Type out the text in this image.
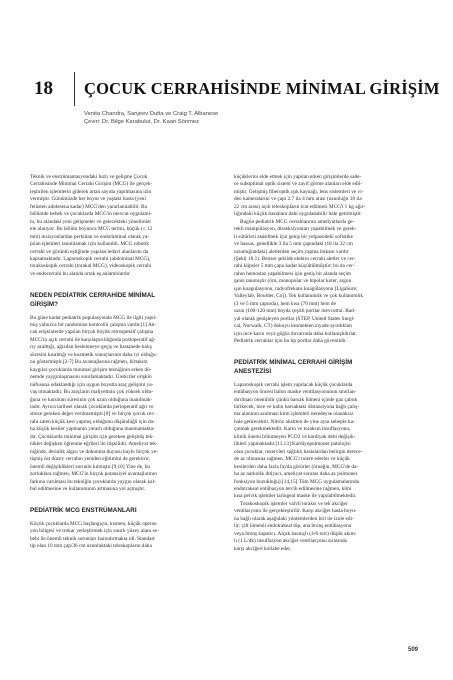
18 ÇOCUK CERRAHİSİNDE MİNİMAL GİRİŞİM
Venita Chandra, Sanjeev Dutta ve Craig T. Albanese
Çeviri: Dr. Bilge Karabulut, Dr. Kaan Sönmez

Teknik ve enstrümantasyondaki hızlı ve gelişme Çocuk
Cerrahisinde Minimal Cerrahi Girişim (MCG) ile gerçek-
leştirilen işlemlerin giderek artan sayıda yapılmasına izin
vermiştir. Günümüzde her boyut ve yaştaki hasta (yeni
fetüsten adolesena kadar) MCG'den yararlanılabilir. Bu
bölümde bebek ve çocuklarda MCG'in mevcut uygulami-
nı, bu alandaki yeni gelişmeler ve gelecekteki yönelimler
ele alınıyor. Bu bölüm boyunca MCG terimi, küçük (≤ 12
mm) insizyonlardan perkütan ve endolüminal olarak ya-
pılan işlemleri tanımlamak için kullanıldı. MCG robotik
cerrahi ve görüntü eşliğinde yapılan tedavi alanlarını da
kapsamaktadır. Laparoskopik cerrahi (abdominal MCG),
torakoskopik cerrahi (torakal MCG), videoskopik cerrahi
ve endocerrahi bu alanda ortak eş anlamlılardır.

NEDEN PEDİATRİK CERRAHİDE MİNİMAL
GİRİŞİM?

Bu güne kadar pediatrik populasyonda MCG ile ilgili yapıl-
mış yalnızca bir randomize kontrollü çalışma vardır.[1] An-
cak erişkinlerde yapılan birçok büyük retrospektif çalışma
MCG'in açık cerrahi ile karşılaştırıldığında postoperatif ağ-
rıy azalttığı, ağızdan beslenmeye geçiş ve hastanede kalış
süresini kısalttığı ve kozmetik sonuçlarının daha iyi olduğu-
nu göstermiştir.[2-7] Bu avantajlarına rağmen, birtakım
kaygılar çocuklarda minimal girişim tekniğinin erken dö-
nemde yaygınlaşmasını sınırlamaktadır. Üreticiler erişkin
nüfusuna odaklandığı için uygun boyutta araç gelişimi ya-
vaş olmaktadır. Bu araçların maliyetinin çok yüksek oldu-
ğuna ve kurulum süresinin çok uzun olduğuna inanılmak-
tadır. Ayrıca tarihsel olarak çocuklarda perioperatif ağrı ve
strese gereken değer verilmemiştir.[8] ve birçok çocuk cer-
rahı zaten küçük kesi yapmış olduğunu düşündüğü için da-
ha küçük kesiler yapmanın yararlı olduğuna inanmamakta-
dır. Çocuklarda minimal girişim için gereken gelişmiş tek-
nikler değişken öğrenme eğrileri ile ilişkilidir. Ameliyat tek-
niğinde, derinlik algısı ve dokunma duyusu kaybı birçok ye-
tişmiş üst düzey cerrahın yeniden eğitimini de gerektirir,
önemli değişiklikleri zorunlu kılmıştır.[9,10] Yine de, bu
zorluklara rağmen, MCG'in birçok potansiyel avantajlarının
farkına varılması bu tekniğin çocuklarda yaygın olarak kal-
bul edilmesine ve kullanımının artmasına yol açmıştır.

PEDİATRİK MCG ENSTRÜMANLARI

Küçük çocuklarda MCG başlangıçta, kısmen, küçük operas-
yon bölgesi ve trokar yerleştirmek için sınırlı yüzey alanı se-
bebi ile önemli teknik sorunları barındırmakta idi. Standart
tip olan 10 mm çap/36 cm uzunluktaki teleskopların daha

küçüklerini elde etmek için yapılan erken girişimlerde sade-
ce suboptimal optik sistem ve zayıf görme alanları elde edil-
miştir. Gelişmiş fiberoptik ışık kaynağı, lens sistemleri ve vi-
deo kameralarını ve çapı 2.7 ila 4 mm arası (uzunluğu 18 ila
22 cm arası) açılı teleskopların icat edilmesi MCG'i 1 kg ağır-
lığındaki küçük hastalara dahi uygulanabilir hale getirmiştir.

Bugün pediatrik MCG cerrahlarının ameliyatlarda ge-
rekli manipülasyon, disseksiyonları yapabilmek ve gerek-
li sütürleri atabilmek için geniş bir yelpazedeki sofistike
ve hassas, genellikle 3 ila 5 mm çapındaki (18 ila 32 cm
uzunluğundaki) aletlerden seçim yapma imkanı vardır
(Şekil 18.1). Benzer şekilde elektro cerrahi aletler ve cer-
rahi klipsler 5 mm çapa kadar küçültülmüştür; bu da cer-
rahın hemostaz yapabilmesi için geniş bir alanda seçim
şansı tanımıştır (örn, monopolar ve bipolar koter, argon
ışın koagulasyonu, radyofrekans koagülasyonu [LigaSure;
Valleylab, Boulder, Co]). Tek kullanımlık ve çok kullanımlık
(3 ve 5 mm çapında), hem kısa (70 mm) hem de
uzun (100-120 mm) boyda çeşitli portlar mevcuttur. Rad-
yal olarak genişleyen portlar (STEP, United States Surgi-
cal, Norwalk, CT) dokuyu kesmekten ziyade ayırdıkları
için ince karın veya göğüs duvarında daha kullanışlıdırlar.
Pediatrik cerrahlar için bu tip portlar daha güvenlidir.

PEDİATRİK MİNİMAL CERRAHİ GİRİŞİM
ANESTEZİSİ

Laparoskopik cerrahi işlem yapılacak küçük çocuklarda
entübasyon öncesi balon maske ventilasyonunun sınırlan-
dırılması önemlidir çünkü barsak lümeni içinde gaz çabuk
birikecek, ince ve kalın barsaktaki distansiyona bağlı çalış-
ma alanının azalması kimi işlemleri neredeyse olanaksız
hale getirecektir. Nitröz oksitten de yine aynı sebeple ka-
çınmak gerekmektedir. Karın ve toraksın insuflasyonu,
klinik önemi bilinmeyen PCO2 ve kardiyak debi değişik-
likleri yapmaktadır.[11,13] Kardiyopulmoner patolojisi
olan çocuklar, rezervleri sağlıklı hastalardan belirgin derece-
de az olmasına rağmen, MCG'i tolere ederler ve küçük
kesilerden daha fazla fayda görürler (örneğin, MCG'de da-
ha az narkotik ihtiyacı, ameliyat sonrası daha az pulmoner
fonksiyon bozukluğu).[14,15] Tüm MCG uygulamalarında
endotrakeal entübasyon tercih edilmesine rağmen, kimi
kısa pelvik işlemler laringeal maske ile yapılabilmektedir.

Torakoskopik işlemler valvli toraksı ve tek akciğer
ventilasyonu ile gerçekleştirilir. Karşı akciğer hasta boyu-
na bağlı olarak aşağıdaki yöntemlerden biri ile izole edi-
lir: çift lümenli endotrakeal tüp, ana bronş entübasyonu
veya bronş kapatıcı. Alçak basınçlı (4-6 torr) düşük akım-
lı (1 L/dk) insuflasyon akciğer ventilasyonu sırasında
karşı akciğeri kollabe eder.

509
